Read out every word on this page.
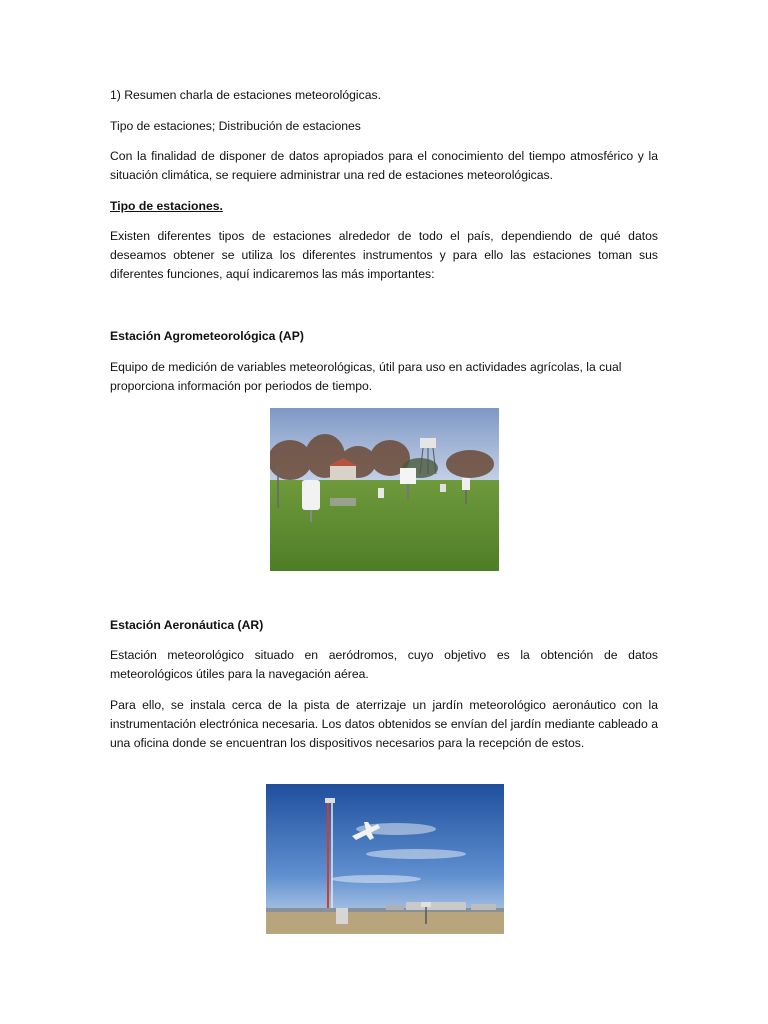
1) Resumen charla de estaciones meteorológicas.

Tipo de estaciones; Distribución de estaciones

Con la finalidad de disponer de datos apropiados para el conocimiento del tiempo atmosférico y la situación climática, se requiere administrar una red de estaciones meteorológicas.

Tipo de estaciones.

Existen diferentes tipos de estaciones alrededor de todo el país, dependiendo de qué datos deseamos obtener se utiliza los diferentes instrumentos y para ello las estaciones toman sus diferentes funciones, aquí indicaremos las más importantes:

Estación Agrometeorológica (AP)

Equipo de medición de variables meteorológicas, útil para uso en actividades agrícolas, la cual proporciona información por periodos de tiempo.

Estación Aeronáutica (AR)

Estación meteorológico situado en aeródromos, cuyo objetivo es la obtención de datos meteorológicos útiles para la navegación aérea.

Para ello, se instala cerca de la pista de aterrizaje un jardín meteorológico aeronáutico con la instrumentación electrónica necesaria. Los datos obtenidos se envían del jardín mediante cableado a una oficina donde se encuentran los dispositivos necesarios para la recepción de estos.
